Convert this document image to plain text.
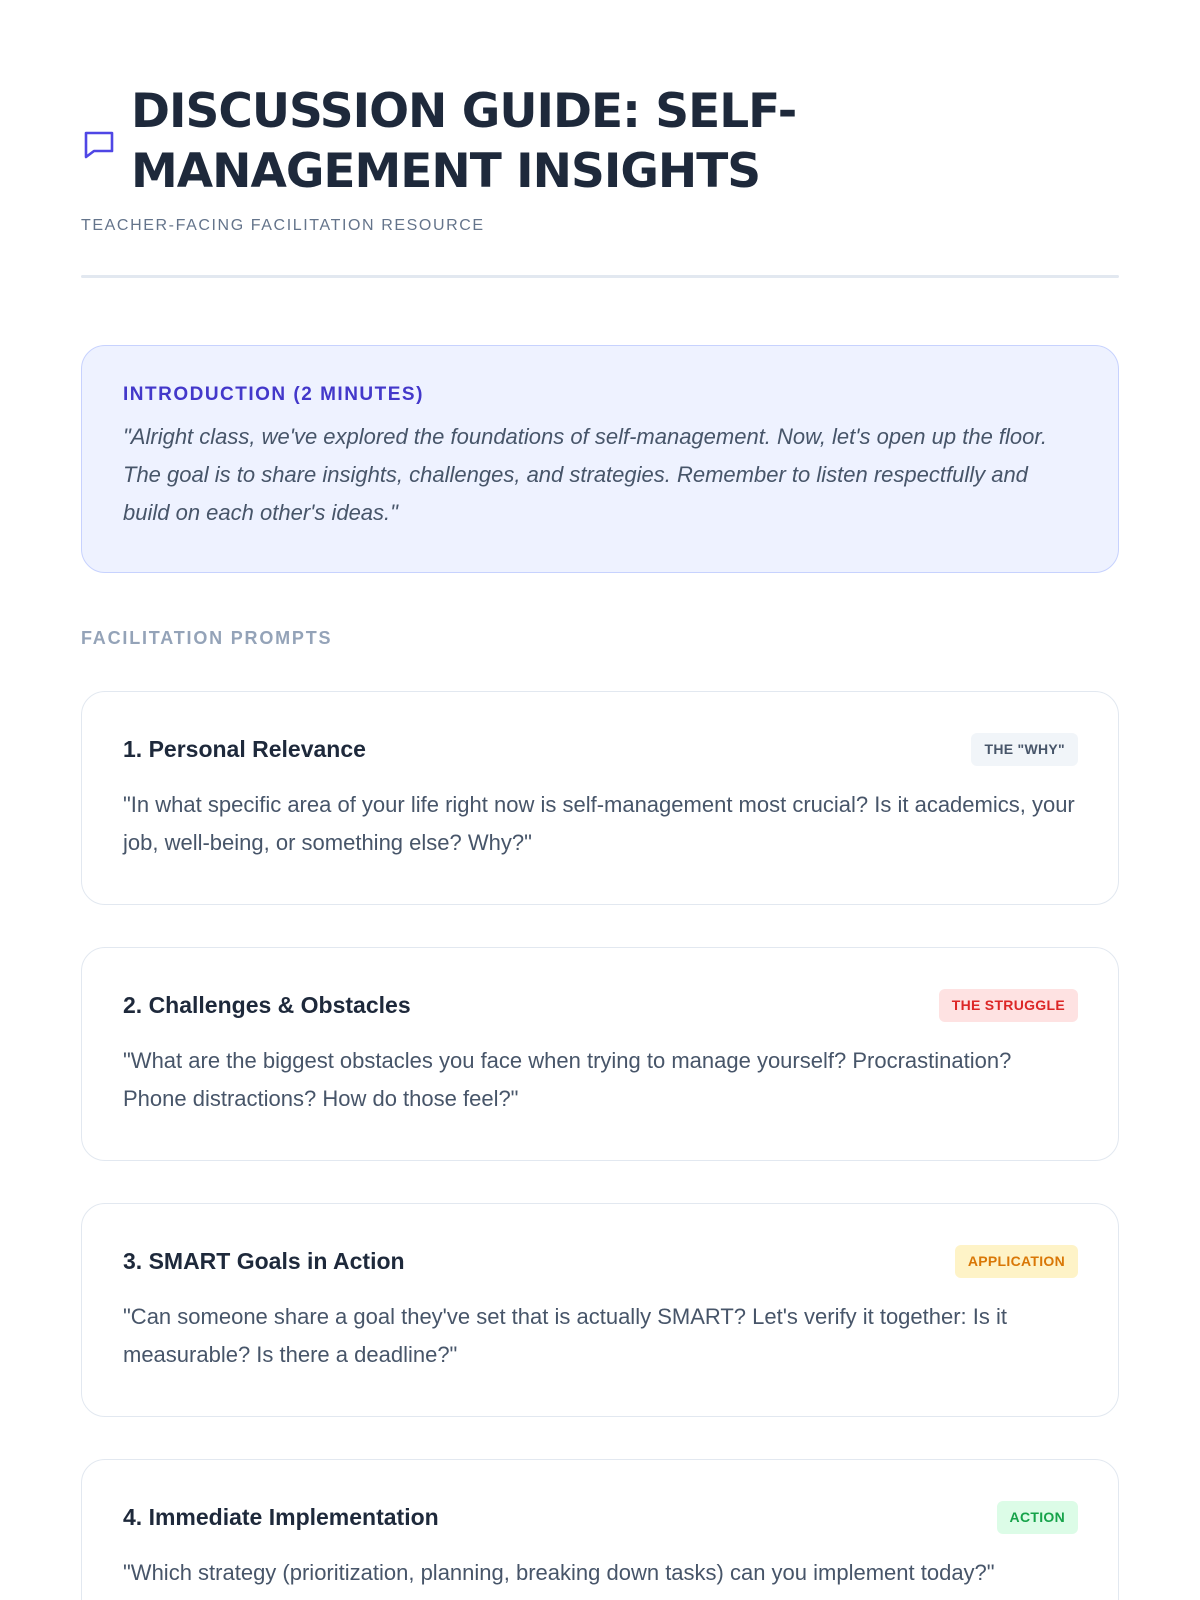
DISCUSSION GUIDE: SELF-MANAGEMENT INSIGHTS
TEACHER-FACING FACILITATION RESOURCE
INTRODUCTION (2 MINUTES)

"Alright class, we've explored the foundations of self-management. Now, let's open up the floor. The goal is to share insights, challenges, and strategies. Remember to listen respectfully and build on each other's ideas."

FACILITATION PROMPTS
1. Personal Relevance	THE "WHY"

"In what specific area of your life right now is self-management most crucial? Is it academics, your job, well-being, or something else? Why?"

2. Challenges & Obstacles	THE STRUGGLE

"What are the biggest obstacles you face when trying to manage yourself? Procrastination? Phone distractions? How do those feel?"

3. SMART Goals in Action	APPLICATION

"Can someone share a goal they've set that is actually SMART? Let's verify it together: Is it measurable? Is there a deadline?"

4. Immediate Implementation	ACTION

"Which strategy (prioritization, planning, breaking down tasks) can you implement today?"
